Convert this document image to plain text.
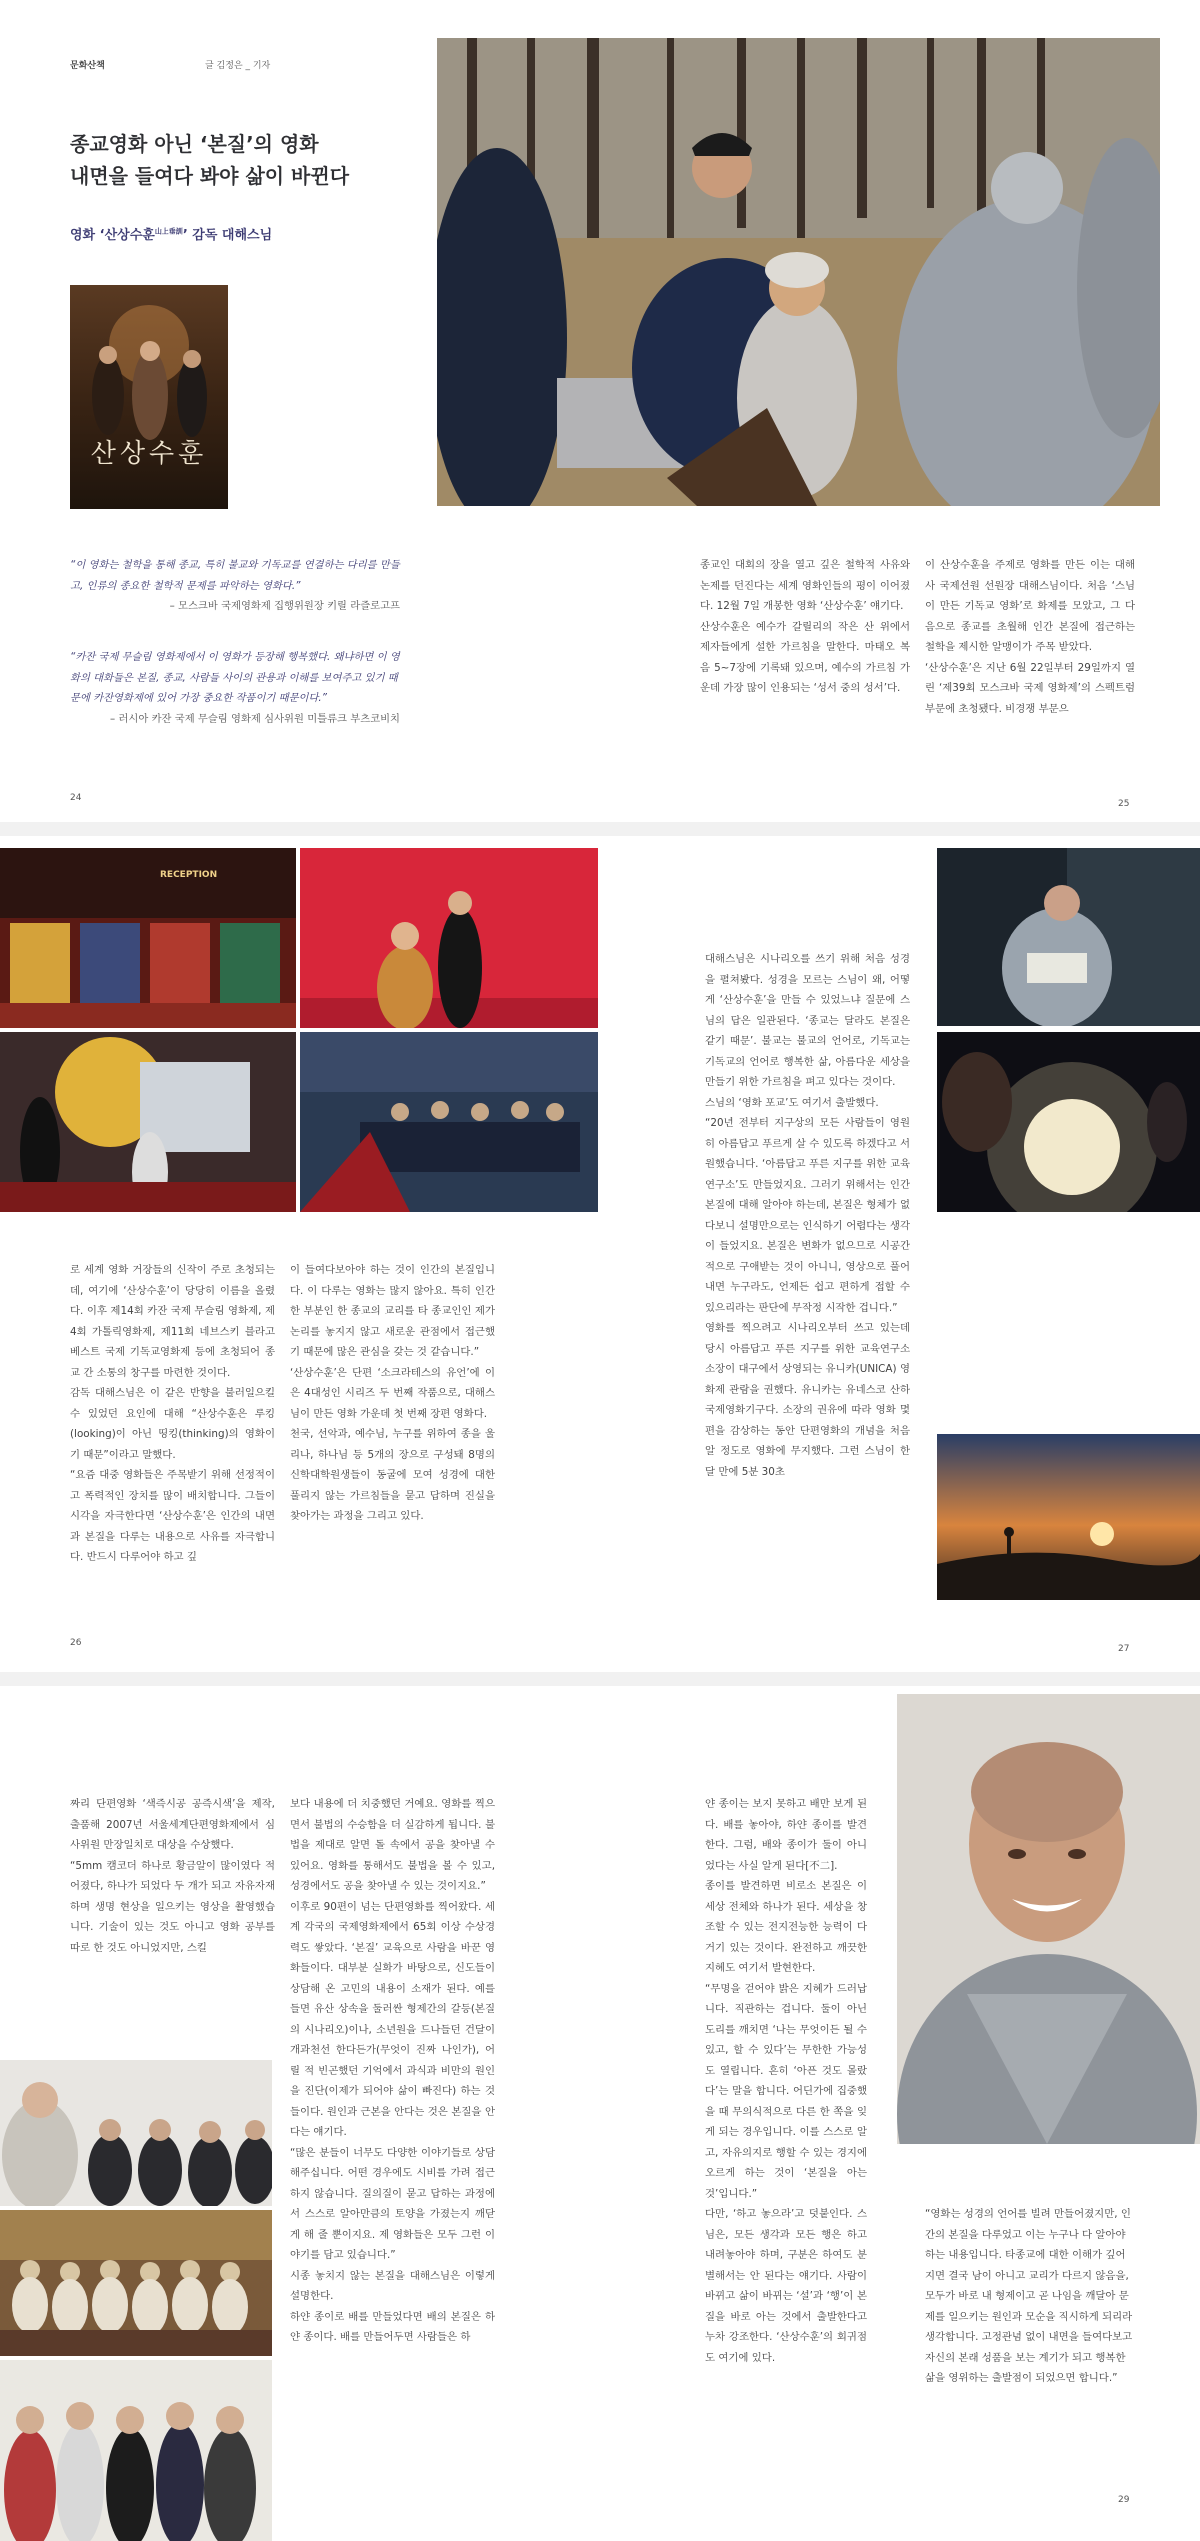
문화산책	글 김정은 _ 기자
종교영화 아닌 ‘본질’의 영화
내면을 들여다 봐야 삶이 바뀐다
영화 ‘산상수훈$^{山上垂訓}$’ 감독 대해스님
산상수훈
“이 영화는 철학을 통해 종교, 특히 불교와 기독교를 연결하는 다리를 만들고, 인류의 종요한 철학적 문제를 파악하는 영화다.”
– 모스크바 국제영화제 집행위원장 키릴 라즐로고프
“카잔 국제 무슬림 영화제에서 이 영화가 등장해 행복했다. 왜냐하면 이 영화의 대화들은 본질, 종교, 사람들 사이의 관용과 이해를 보여주고 있기 때문에 카잔영화제에 있어 가장 중요한 작품이기 때문이다.”
– 러시아 카잔 국제 무슬림 영화제 심사위원 미틀류크 부츠코비치

종교인 대회의 장을 열고 깊은 철학적 사유와 논제를 던진다는 세계 영화인들의 평이 이어졌다. 12월 7일 개봉한 영화 ‘산상수훈’ 얘기다.

산상수훈은 예수가 갈릴리의 작은 산 위에서 제자들에게 설한 가르침을 말한다. 마태오 복음 5~7장에 기록돼 있으며, 예수의 가르침 가운데 가장 많이 인용되는 ‘성서 중의 성서’다.

이 산상수훈을 주제로 영화를 만든 이는 대해사 국제선원 선원장 대해스님이다. 처음 ‘스님이 만든 기독교 영화’로 화제를 모았고, 그 다음으로 종교를 초월해 인간 본질에 접근하는 철학을 제시한 알맹이가 주목 받았다.

‘산상수훈’은 지난 6월 22일부터 29일까지 열린 ‘제39회 모스크바 국제 영화제’의 스펙트럼 부문에 초청됐다. 비경쟁 부문으

24
25
RECEPTION

로 세계 영화 거장들의 신작이 주로 초청되는데, 여기에 ‘산상수훈’이 당당히 이름을 올렸다. 이후 제14회 카잔 국제 무슬림 영화제, 제4회 가톨릭영화제, 제11회 네브스키 블라고베스트 국제 기독교영화제 등에 초청되어 종교 간 소통의 창구를 마련한 것이다.

감독 대해스님은 이 같은 반향을 불러일으킬 수 있었던 요인에 대해 “산상수훈은 루킹(looking)이 아닌 띵킹(thinking)의 영화이기 때문”이라고 말했다.

“요즘 대중 영화들은 주목받기 위해 선정적이고 폭력적인 장치를 많이 배치합니다. 그들이 시각을 자극한다면 ‘산상수훈’은 인간의 내면과 본질을 다루는 내용으로 사유를 자극합니다. 반드시 다루어야 하고 깊

이 들여다보아야 하는 것이 인간의 본질입니다. 이 다루는 영화는 많지 않아요. 특히 인간한 부분인 한 종교의 교리를 타 종교인인 제가 논리를 놓지지 않고 새로운 관점에서 접근했기 때문에 많은 관심을 갖는 것 같습니다.”

‘산상수훈’은 단편 ‘소크라테스의 유언’에 이은 4대성인 시리즈 두 번째 작품으로, 대해스님이 만든 영화 가운데 첫 번째 장편 영화다.

천국, 선악과, 예수님, 누구를 위하여 종을 울리나, 하나님 등 5개의 장으로 구성돼 8명의 신학대학원생들이 동굴에 모여 성경에 대한 풀리지 않는 가르침들을 묻고 답하며 진실을 찾아가는 과정을 그리고 있다.

대해스님은 시나리오를 쓰기 위해 처음 성경을 펼쳐봤다. 성경을 모르는 스님이 왜, 어떻게 ‘산상수훈’을 만들 수 있었느냐 질문에 스님의 답은 일관된다. ‘종교는 달라도 본질은 같기 때문’. 불교는 불교의 언어로, 기독교는 기독교의 언어로 행복한 삶, 아름다운 세상을 만들기 위한 가르침을 펴고 있다는 것이다.

스님의 ‘영화 포교’도 여기서 출발했다.

“20년 전부터 지구상의 모든 사람들이 영원히 아름답고 푸르게 살 수 있도록 하겠다고 서원했습니다. ‘아름답고 푸른 지구를 위한 교육연구소’도 만들었지요. 그러기 위해서는 인간 본질에 대해 알아야 하는데, 본질은 형체가 없다보니 설명만으로는 인식하기 어렵다는 생각이 들었지요. 본질은 변화가 없으므로 시공간적으로 구애받는 것이 아니니, 영상으로 풀어내면 누구라도, 언제든 쉽고 편하게 접할 수 있으리라는 판단에 무작정 시작한 겁니다.”

영화를 찍으려고 시나리오부터 쓰고 있는데 당시 아름답고 푸른 지구를 위한 교육연구소 소장이 대구에서 상영되는 유니카(UNICA) 영화제 관람을 권했다. 유니카는 유네스코 산하 국제영화기구다. 소장의 권유에 따라 영화 몇 편을 감상하는 동안 단편영화의 개념을 처음 알 정도로 영화에 무지했다. 그런 스님이 한 달 만에 5분 30초

26
27

짜리 단편영화 ‘색즉시공 공즉시색’을 제작, 출품해 2007년 서울세계단편영화제에서 심사위원 만장일치로 대상을 수상했다.

“5mm 캠코더 하나로 황금알이 많이였다 적어졌다, 하나가 되었다 두 개가 되고 자유자재하며 생명 현상을 일으키는 영상을 촬영했습니다. 기술이 있는 것도 아니고 영화 공부를 따로 한 것도 아니었지만, 스킬

보다 내용에 더 치중했던 거예요. 영화를 찍으면서 불법의 수승함을 더 실감하게 됩니다. 불법을 제대로 알면 돌 속에서 공을 찾아낼 수 있어요. 영화를 통해서도 불법을 볼 수 있고, 성경에서도 공을 찾아낼 수 있는 것이지요.”

이후로 90편이 넘는 단편영화를 찍어왔다. 세계 각국의 국제영화제에서 65회 이상 수상경력도 쌓았다. ‘본질’ 교육으로 사람을 바꾼 영화들이다. 대부분 실화가 바탕으로, 신도들이 상담해 온 고민의 내용이 소재가 된다. 예를 들면 유산 상속을 둘러싼 형제간의 갈등(본질의 시나리오)이나, 소년원을 드나들던 건달이 개과천선 한다든가(무엇이 진짜 나인가), 어릴 적 빈곤했던 기억에서 과식과 비만의 원인을 진단(이제가 되어야 삶이 빠진다) 하는 것들이다. 원인과 근본을 안다는 것은 본질을 안다는 얘기다.

“많은 분들이 너무도 다양한 이야기들로 상담해주십니다. 어떤 경우에도 시비를 가려 접근하지 않습니다. 질의질이 묻고 답하는 과정에서 스스로 알아만큼의 토양을 가졌는지 깨닫게 해 줄 뿐이지요. 제 영화들은 모두 그런 이야기를 담고 있습니다.”

시종 놓치지 않는 본질을 대해스님은 이렇게 설명한다.

하얀 종이로 배를 만들었다면 배의 본질은 하얀 종이다. 배를 만들어두면 사람들은 하

얀 종이는 보지 못하고 배만 보게 된다. 배를 놓아야, 하얀 종이를 발견한다. 그럼, 배와 종이가 둘이 아니었다는 사실 알게 된다[不二].

종이를 발견하면 비로소 본질은 이 세상 전체와 하나가 된다. 세상을 창조할 수 있는 전지전능한 능력이 다 거기 있는 것이다. 완전하고 깨끗한 지혜도 여기서 발현한다.

“무명을 걷어야 밝은 지혜가 드러납니다. 직관하는 겁니다. 둘이 아닌 도리를 깨치면 ‘나는 무엇이든 될 수 있고, 할 수 있다’는 무한한 가능성도 열립니다. 흔히 ‘아픈 것도 몰랐다’는 말을 합니다. 어딘가에 집중했을 때 무의식적으로 다른 한 쪽을 잊게 되는 경우입니다. 이를 스스로 알고, 자유의지로 행할 수 있는 경지에 오르게 하는 것이 ‘본질을 아는 것’입니다.”

다만, ‘하고 놓으라’고 덧붙인다. 스님은, 모든 생각과 모든 행은 하고 내려놓아야 하며, 구분은 하여도 분별해서는 안 된다는 얘기다. 사람이 바뀌고 삶이 바뀌는 ‘설’과 ‘행’이 본질을 바로 아는 것에서 출발한다고 누차 강조한다. ‘산상수훈’의 회귀점도 여기에 있다.

“영화는 성경의 언어를 빌려 만들어졌지만, 인간의 본질을 다루었고 이는 누구나 다 알아야 하는 내용입니다. 타종교에 대한 이해가 깊어지면 결국 남이 아니고 교리가 다르지 않음을, 모두가 바로 내 형제이고 곧 나임을 깨달아 문제를 일으키는 원인과 모순을 직시하게 되리라 생각합니다. 고정관념 없이 내면을 들여다보고 자신의 본래 성품을 보는 계기가 되고 행복한 삶을 영위하는 출발점이 되었으면 합니다.”
29
